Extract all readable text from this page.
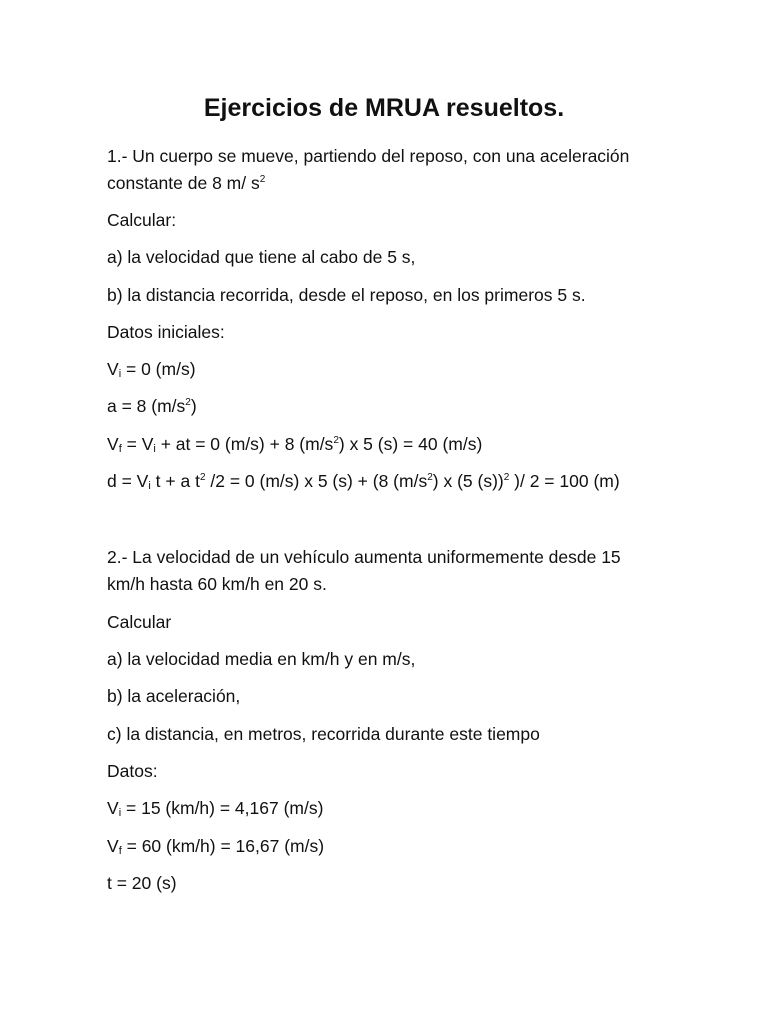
Ejercicios de MRUA resueltos.

1.- Un cuerpo se mueve, partiendo del reposo, con una aceleración

constante de 8 m/ $s^2$

Calcular:

a) la velocidad que tiene al cabo de 5 s,

b) la distancia recorrida, desde el reposo, en los primeros 5 s.

Datos iniciales:

$V_i = 0$ (m/s)

a = 8 $(m/s^2)$

$V_f = V_i$ + at = 0 (m/s) + 8 $(m/s^2)$ x 5 (s) = 40 (m/s)

$d = V_i$ t + a $t^2$ /2 = 0 (m/s) x 5 (s) + (8 $(m/s^2)$ x (5 (s))$^2$ )/ 2 = 100 (m)

2.- La velocidad de un vehículo aumenta uniformemente desde 15

km/h hasta 60 km/h en 20 s.

Calcular

a) la velocidad media en km/h y en m/s,

b) la aceleración,

c) la distancia, en metros, recorrida durante este tiempo

Datos:

$V_i = 15$ (km/h) = 4,167 (m/s)

$V_f = 60$ (km/h) = 16,67 (m/s)

t = 20 (s)
